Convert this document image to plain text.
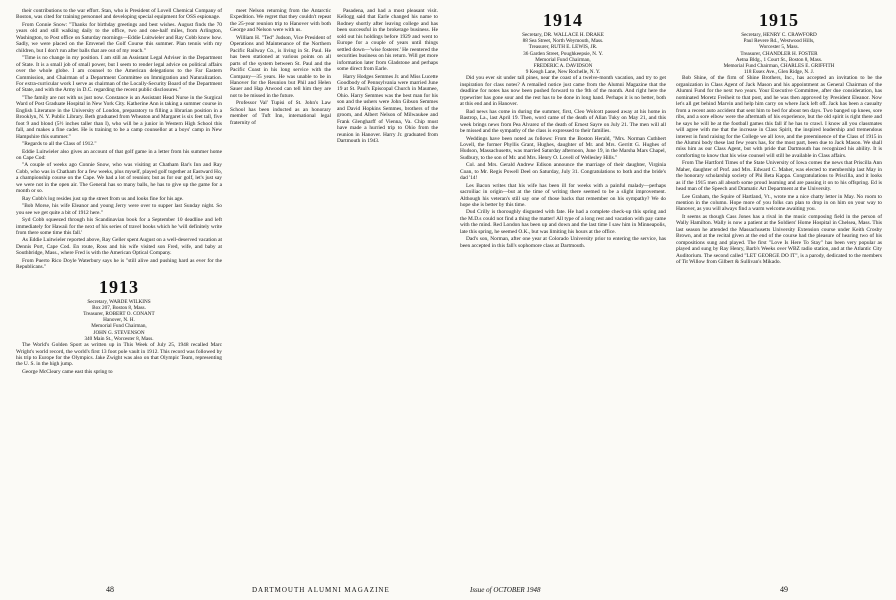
their contributions to the war effort. Stan, who is President of Lovell Chemical Company of Boston, was cited for training personnel and developing special equipment for OSS espionage.

From Connie Snow: "Thanks for birthday greetings and best wishes. August finds the 70 years old and still walking daily to the office, two and one-half miles, from Arlington, Washington, to Post office on Saturday mornings—Eddie Luitwieler and Ray Cobb know how. Sadly, we were placed on the Emvenel the Golf Course this summer. Plan tennis with my children, but I don't run after balls that are out of my reach."

"Time is no change in my position. I am still an Assistant Legal Adviser in the Department of State. It is a small job of small power, but I seem to render legal advice on political affairs over the whole globe. I am counsel to the American delegations to the Far Eastern Commission, and Chairman of a Department Committee on Immigration and Naturalization. For extra-curricular work I serve as chairman of the Locally-Security Board of the Department of State, and with the Army in D.C. regarding the recent public disclosures."

"The family are not with us just now. Constance is an Assistant Head Nurse in the Surgical Ward of Post Graduate Hospital in New York City. Katherine Ann is taking a summer course in English Literature in the University of London, preparatory to filling a librarian position in a Brooklyn, N. Y. Public Library. Beth graduated from Wheaton and Margaret is six feet tall, five foot 9 and blond (5½ inches taller than I), who will be a junior in Western High School this fall, and makes a fine cadet. He is training to be a camp counsellor at a boys' camp in New Hampshire this summer."

"Regards to all the Class of 1912."

Eddie Luitwieler also gives an account of that golf game in a letter from his summer home on Cape Cod:

"A couple of weeks ago Connie Snow, who was visiting at Chatham Bar's Inn and Ray Cobb, who was in Chatham for a few weeks, plus myself, played golf together at Eastward Ho, a championship course on the Cape. We had a lot of reunion; but as for our golf, let's just say we were not in the open air. The General has so many balls, he has to give up the game for a month or so.

Ray Cobb's log resides just up the street from us and looks fine for his age.

"Bob Morse, his wife Eleanor and young Jerry were over to supper last Sunday night. So you see we get quite a bit of 1912 here."

Syd Cobb squeezed through his Scandinavian book for a September 10 deadline and left immediately for Hawaii for the next of his series of travel books which he 'will definitely write from there some time this fall.'

As Eddie Luitwieler reported above, Ray Geller spent August on a well-deserved vacation at Dennis Port, Cape Cod. En route, Ross and his wife visited son Fred, wife, and baby at Southbridge, Mass., where Fred is with the American Optical Company.

From Puerto Rico Doyle Waterbury says he is "still alive and pushing hard as ever for the Republicans."

1913
Secretary, WARDE WILKINS
Box 207, Boston 8, Mass.
Treasurer, ROBERT O. CONANT
Hanover, N. H.
Memorial Fund Chairman,
JOHN G. STEVENSON
340 Main St., Worcester 8, Mass.

The World's Golden Sport as written up in This Week of July 25, 1948 recalled Marc Wright's world record, the world's first 13 foot pole vault in 1912. This record was followed by his trip to Europe for the Olympics. Jake Zwight was also on that Olympic Team, representing the U. S. in the high jump.

George McCleary came east this spring to

meet Nelson returning from the Antarctic Expedition. We regret that they couldn't repeat the 25-year reunion trip to Hanover with both George and Nelson were with us.

William H. "Ted" Judson, Vice President of Operations and Maintenance of the Northern Pacific Railway Co., is living in St. Paul. He has been stationed at various points on all parts of the system between St. Paul and the Pacific Coast in his long service with the Company—35 years. He was unable to be in Hanover for the Reunion but Phil and Helen Sauer and Hap Atwood can tell him they are not to be missed in the future.

Professor Val' Tupisi of St. John's Law School has been inducted as an honorary member of Tuft Inn, international legal fraternity of

Pasadena, and had a most pleasant visit. Kellogg said that Earle changed his name to Rodney shortly after leaving college and has been successful in the brokerage business. He sold out his holdings before 1929 and went to Europe for a couple of years until things settled down—'wise fosterer.' He reentered the securities business on his return. Will get more information later from Gladstone and perhaps some direct from Earle.

Harry Hodges Semmes Jr. and Miss Lucette Goodbody of Pennsylvania were married June 19 at St. Paul's Episcopal Church in Maumee, Ohio. Harry Semmes was the best man for his son and the ushers were John Gibson Semmes and David Hopkins Semmes, brothers of the groom, and Albert Nelson of Milwaukee and Frank Glengharff of Vienna, Va. Chip must have made a hurried trip to Ohio from the reunion in Hanover. Harry Jr. graduated from Dartmouth in 1943.

1914
Secretary, DR. WALLACE H. DRAKE
88 Sea Street, North Weymouth, Mass.
Treasurer, RUTH E. LEWIS, JR.
36 Garden Street, Poughkeepsie, N. Y.
Memorial Fund Chairman,
FREDERIC A. DAVIDSON
9 Keogh Lane, New Rochelle, N. Y.

Did you ever sit under tall pines, near the coast of a twelve-month vacation, and try to get inspiration for class notes? A remailed notice just came from the Alumni Magazine that the deadline for notes has now been pushed forward to the 9th of the month. And right here the typewriter has gone sour and the rest has to be done in long hand. Perhaps it is no better, both at this end and in Hanover.

Bad news has come in during the summer, first, Cleo Wolcott passed away at his home in Bastrop, La., last April 19. Then, word came of the death of Allan Tuky on May 21, and this week brings news from Pea Alvarez of the death of Ernest Sayre on July 21. The men will all be missed and the sympathy of the class is expressed to their families.

Weddings have been noted as follows: From the Boston Herald, "Mrs. Norman Cuthbert Lovell, the former Phyllis Grant, Hughes, daughter of Mr. and Mrs. Gerritt G. Hughes of Hudson, Massachusetts, was married Saturday afternoon, June 19, in the Marsha Mars Chapel, Sudbury, to the son of Mr. and Mrs. Henry O. Lovell of Wellesley Hills."

Col. and Mrs. Gerald Andrew Edison announce the marriage of their daughter, Virginia Coan, to Mr. Regis Powell Deel on Saturday, July 31. Congratulations to both and the bride's dad '14!

Les Bacon writes that his wife has been ill for weeks with a painful malady—perhaps sacroiliac in origin—but at the time of writing there seemed to be a slight improvement. Although his veteran's still say one of those backs that remember on his sympathy? We do hope she is better by this time.

Dud Crilly is thoroughly disgusted with fate. He had a complete check-up this spring and the M.D.s could not find a thing the matter! All type of a long rest and vacation with pay came with the mind. Red London has been up and down and the last time I saw him in Minneapolis, late this spring, he seemed O.K., but was limiting his hours at the office.

Dad's son, Norman, after one year at Colorado University prior to entering the service, has been accepted in this fall's sophomore class at Dartmouth.

1915
Secretary, HENRY C. CRAWFORD
Paul Revere Rd., Westwood Hills,
Worcester 5, Mass.
Treasurer, CHANDLER H. FOSTER
Aetna Bldg., 1 Court St., Boston 8, Mass.
Memorial Fund Chairman, CHARLES E. GRIFFITH
118 Essex Ave., Glen Ridge, N. J.

Bob Shine, of the firm of Shine Brothers, Inc., has accepted an invitation to be the organization in Class Agent of Jack Mason and his appointment as General Chairman of the Alumni Fund for the next two years. Your Executive Committee, after due consideration, has nominated Moretz Freiheit to that post, and he was then approved by President Eleanor. Now let's all get behind Marvin and help him carry on where Jack left off. Jack has been a casualty from a recent auto accident that sent him to bed for about ten days. Two banged up knees, sore ribs, and a sore elbow were the aftermath of his experience, but the old spirit is right there and he says he will be at the football games this fall if he has to crawl. I know all you classmates will agree with me that the increase in Class Spirit, the inspired leadership and tremendous interest in fund raising for the College we all love, and the preeminence of the Class of 1915 in the Alumni body these last few years has, for the most part, been due to Jack Mason. We shall miss him as our Class Agent, but with pride that Dartmouth has recognized his ability. It is comforting to know that his wise counsel will still be available in Class affairs.

From The Hartford Times of the State University of Iowa comes the news that Priscilla Ann Maher, daughter of Prof. and Mrs. Edward C. Maher, was elected to membership last May in the honorary scholarship society of Phi Beta Kappa. Congratulations to Priscilla, and it looks as if the 1915 men all absorb some proud learning and are passing it on to his offspring. Ed is head man of the Speech and Dramatic Art Department at the University.

Lee Graham, the Squire of Hartland, Vt., wrote me a nice chatty letter in May. No room to mention in the column. Hope more of you folks can plan to drop in on him on your way to Hanover, as you will always find a warm welcome awaiting you.

It seems as though Cass Jones has a rival in the music composing field in the person of Wally Hamilton. Wally is now a patient at the Soldiers' Home Hospital in Chelsea, Mass. This last season he attended the Massachusetts University Extension course under Keith Crosby Brown, and at the recital given at the end of the course had the pleasure of hearing two of his compositions sung and played. The first "Love Is Here To Stay" has been very popular as played and sung by Ray Henry, Barb's Weeks over WBZ radio station, and at the Atlantic City Auditorium. The second called "LET GEORGE DO IT", is a parody, dedicated to the members of Tit Willow from Gilbert & Sullivan's Mikado.

48	DARTMOUTH ALUMNI MAGAZINE	Issue of OCTOBER 1948	49
